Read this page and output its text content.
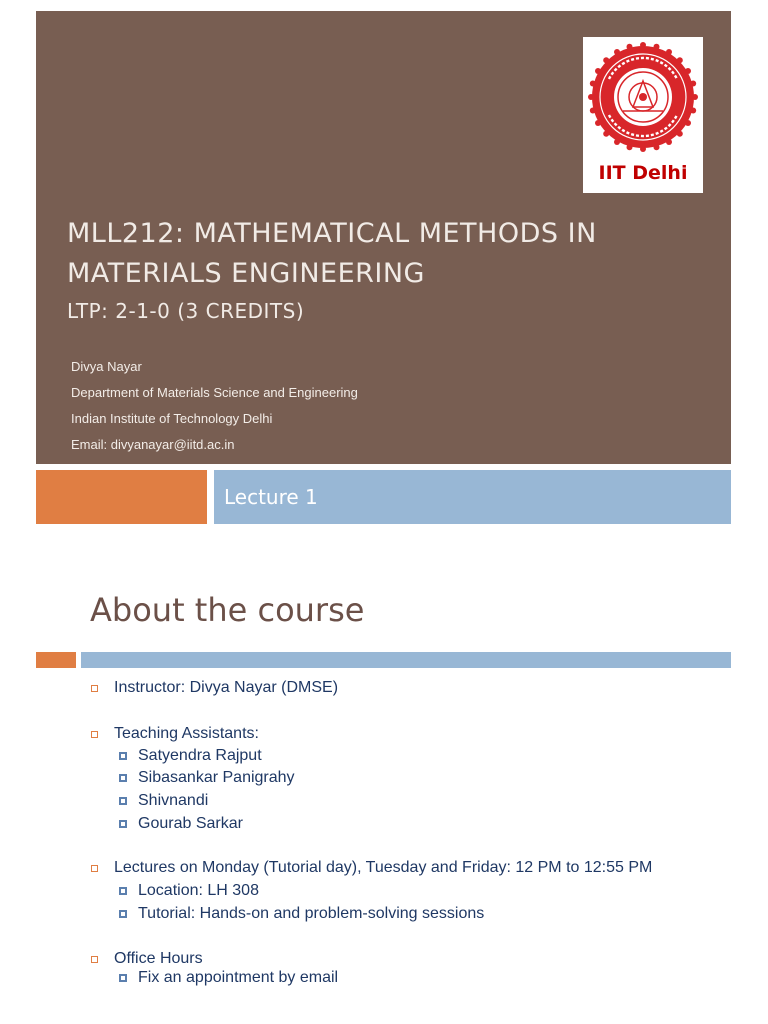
IIT Delhi
MLL212: MATHEMATICAL METHODS IN
MATERIALS ENGINEERING
LTP: 2-1-0 (3 CREDITS)
Divya Nayar
Department of Materials Science and Engineering
Indian Institute of Technology Delhi
Email: divyanayar@iitd.ac.in
Lecture 1
About the course
Instructor: Divya Nayar (DMSE)
Teaching Assistants:
Satyendra Rajput
Sibasankar Panigrahy
Shivnandi
Gourab Sarkar
Lectures on Monday (Tutorial day), Tuesday and Friday: 12 PM to 12:55 PM
Location: LH 308
Tutorial: Hands-on and problem-solving sessions
Office Hours
Fix an appointment by email
